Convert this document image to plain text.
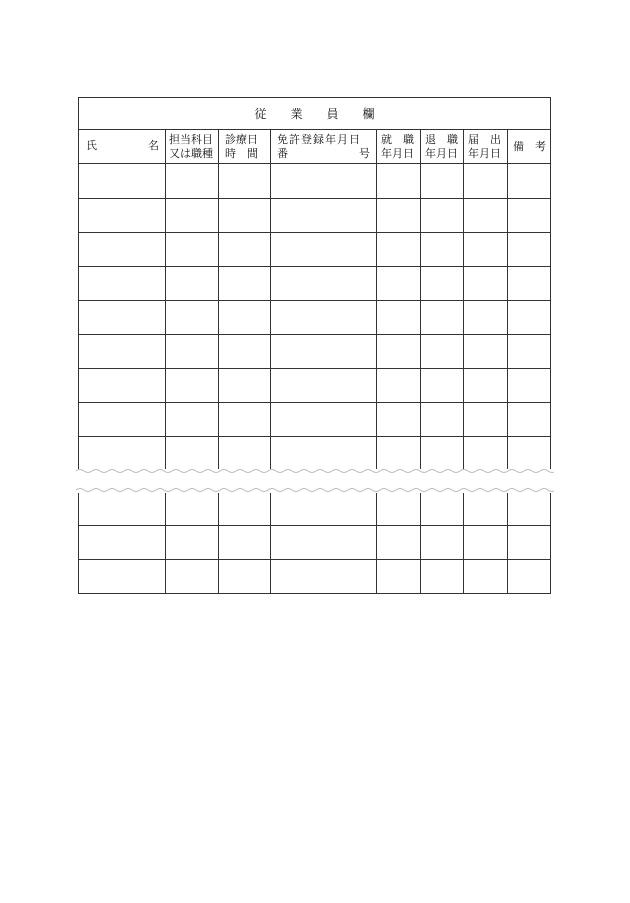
従 業 員 欄
氏	名 担当科目
又は職種
診療日
時　間
免許登録年月日
番	号
就　職
年月日
退　職
年月日
届　出
年月日
備　考
